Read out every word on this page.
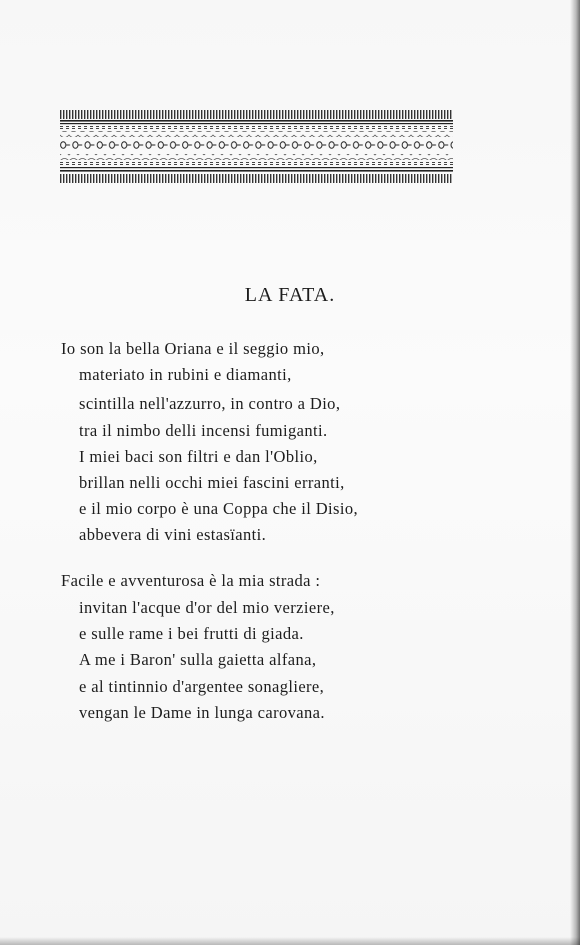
LA FATA.
Io son la bella Oriana e il seggio mio,
materiato in rubini e diamanti,
scintilla nell'azzurro, in contro a Dio,
tra il nimbo delli incensi fumiganti.
I miei baci son filtri e dan l'Oblio,
brillan nelli occhi miei fascini erranti,
e il mio corpo è una Coppa che il Disio,
abbevera di vini estasïanti.
Facile e avventurosa è la mia strada :
invitan l'acque d'or del mio verziere,
e sulle rame i bei frutti di giada.
A me i Baron' sulla gaietta alfana,
e al tintinnio d'argentee sonagliere,
vengan le Dame in lunga carovana.
